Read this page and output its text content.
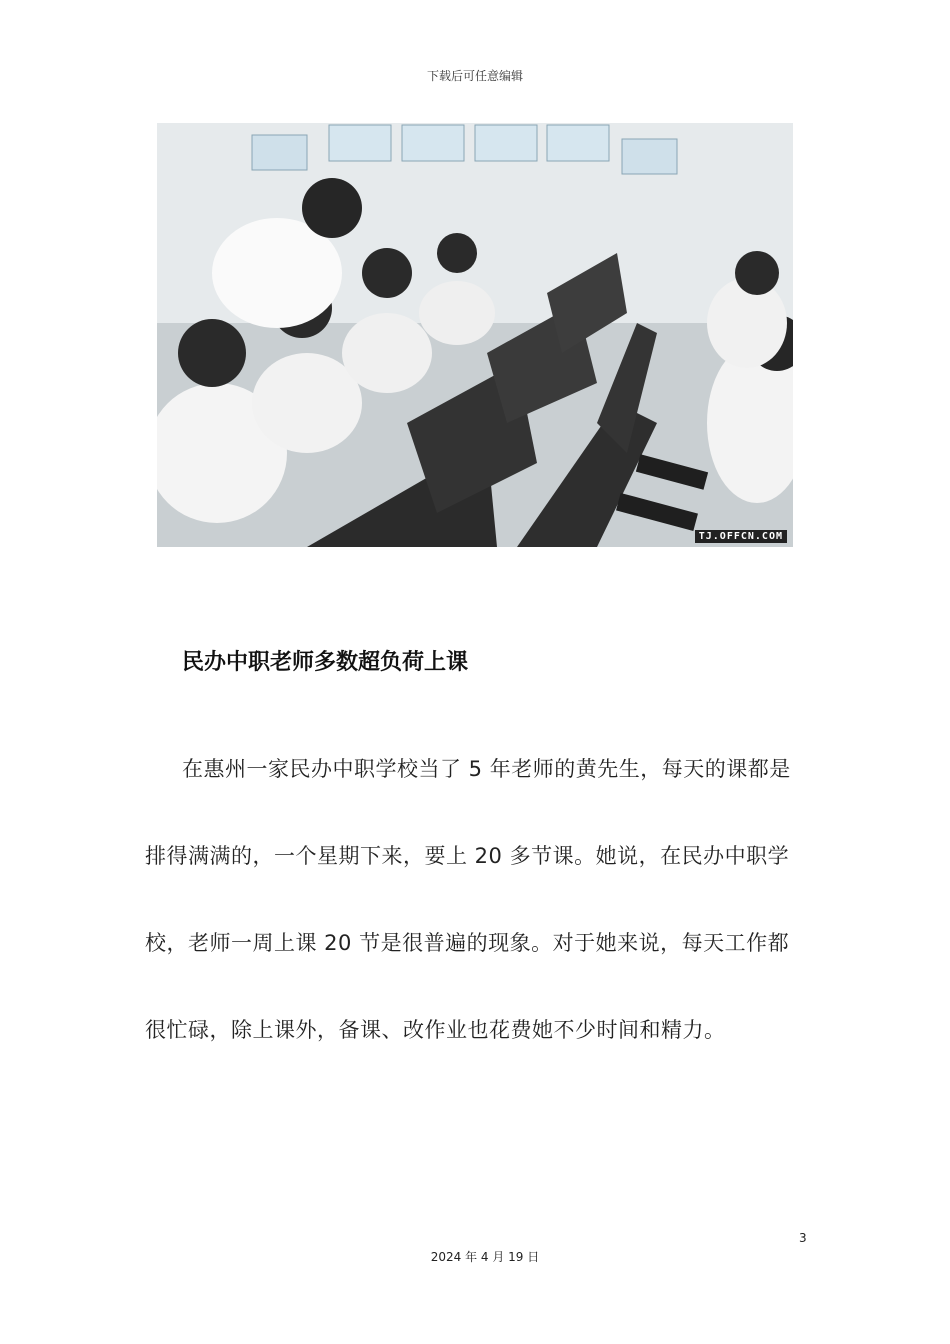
下载后可任意编辑
TJ.OFFCN.COM
民办中职老师多数超负荷上课

在惠州一家民办中职学校当了 5 年老师的黄先生，每天的课都是排得满满的，一个星期下来，要上 20 多节课。她说，在民办中职学校，老师一周上课 20 节是很普遍的现象。对于她来说，每天工作都很忙碌，除上课外，备课、改作业也花费她不少时间和精力。

3
2024 年 4 月 19 日
